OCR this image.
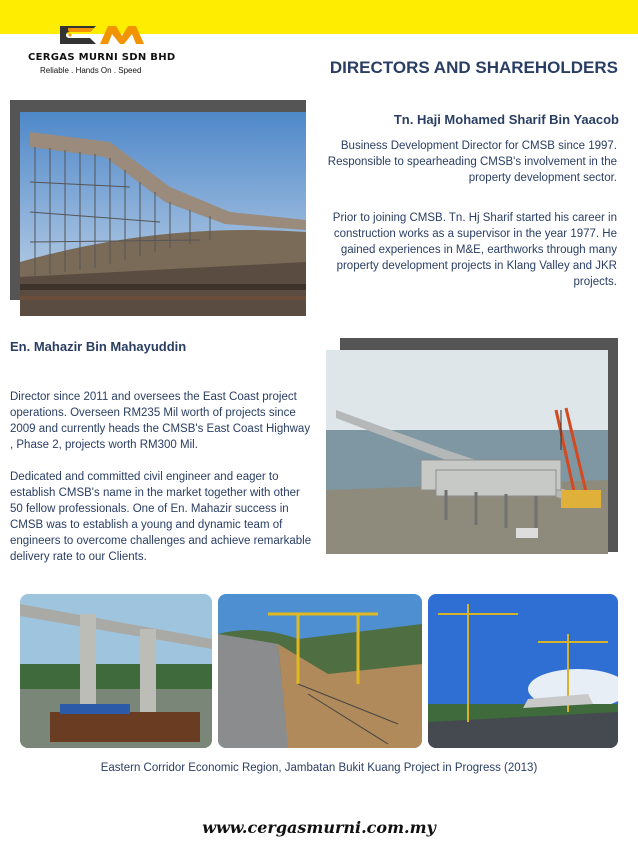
CERGAS MURNI SDN BHD
Reliable . Hands On . Speed	DIRECTORS AND SHAREHOLDERS
Tn. Haji Mohamed Sharif Bin Yaacob
Business Development Director for CMSB since 1997. Responsible to spearheading CMSB's involvement in the property development sector.
Prior to joining CMSB. Tn. Hj Sharif started his career in construction works as a supervisor in the year 1977. He gained experiences in M&E, earthworks through many property development projects in Klang Valley and JKR projects.
En. Mahazir Bin Mahayuddin
Director since 2011 and oversees the East Coast project operations. Overseen RM235 Mil worth of projects since 2009 and currently heads the CMSB's East Coast Highway , Phase 2, projects worth RM300 Mil.
Dedicated and committed civil engineer and eager to establish CMSB's name in the market together with other 50 fellow professionals. One of En. Mahazir success in CMSB was to establish a young and dynamic team of engineers to overcome challenges and achieve remarkable delivery rate to our Clients.
Eastern Corridor Economic Region, Jambatan Bukit Kuang Project in Progress (2013)
www.cergasmurni.com.my
